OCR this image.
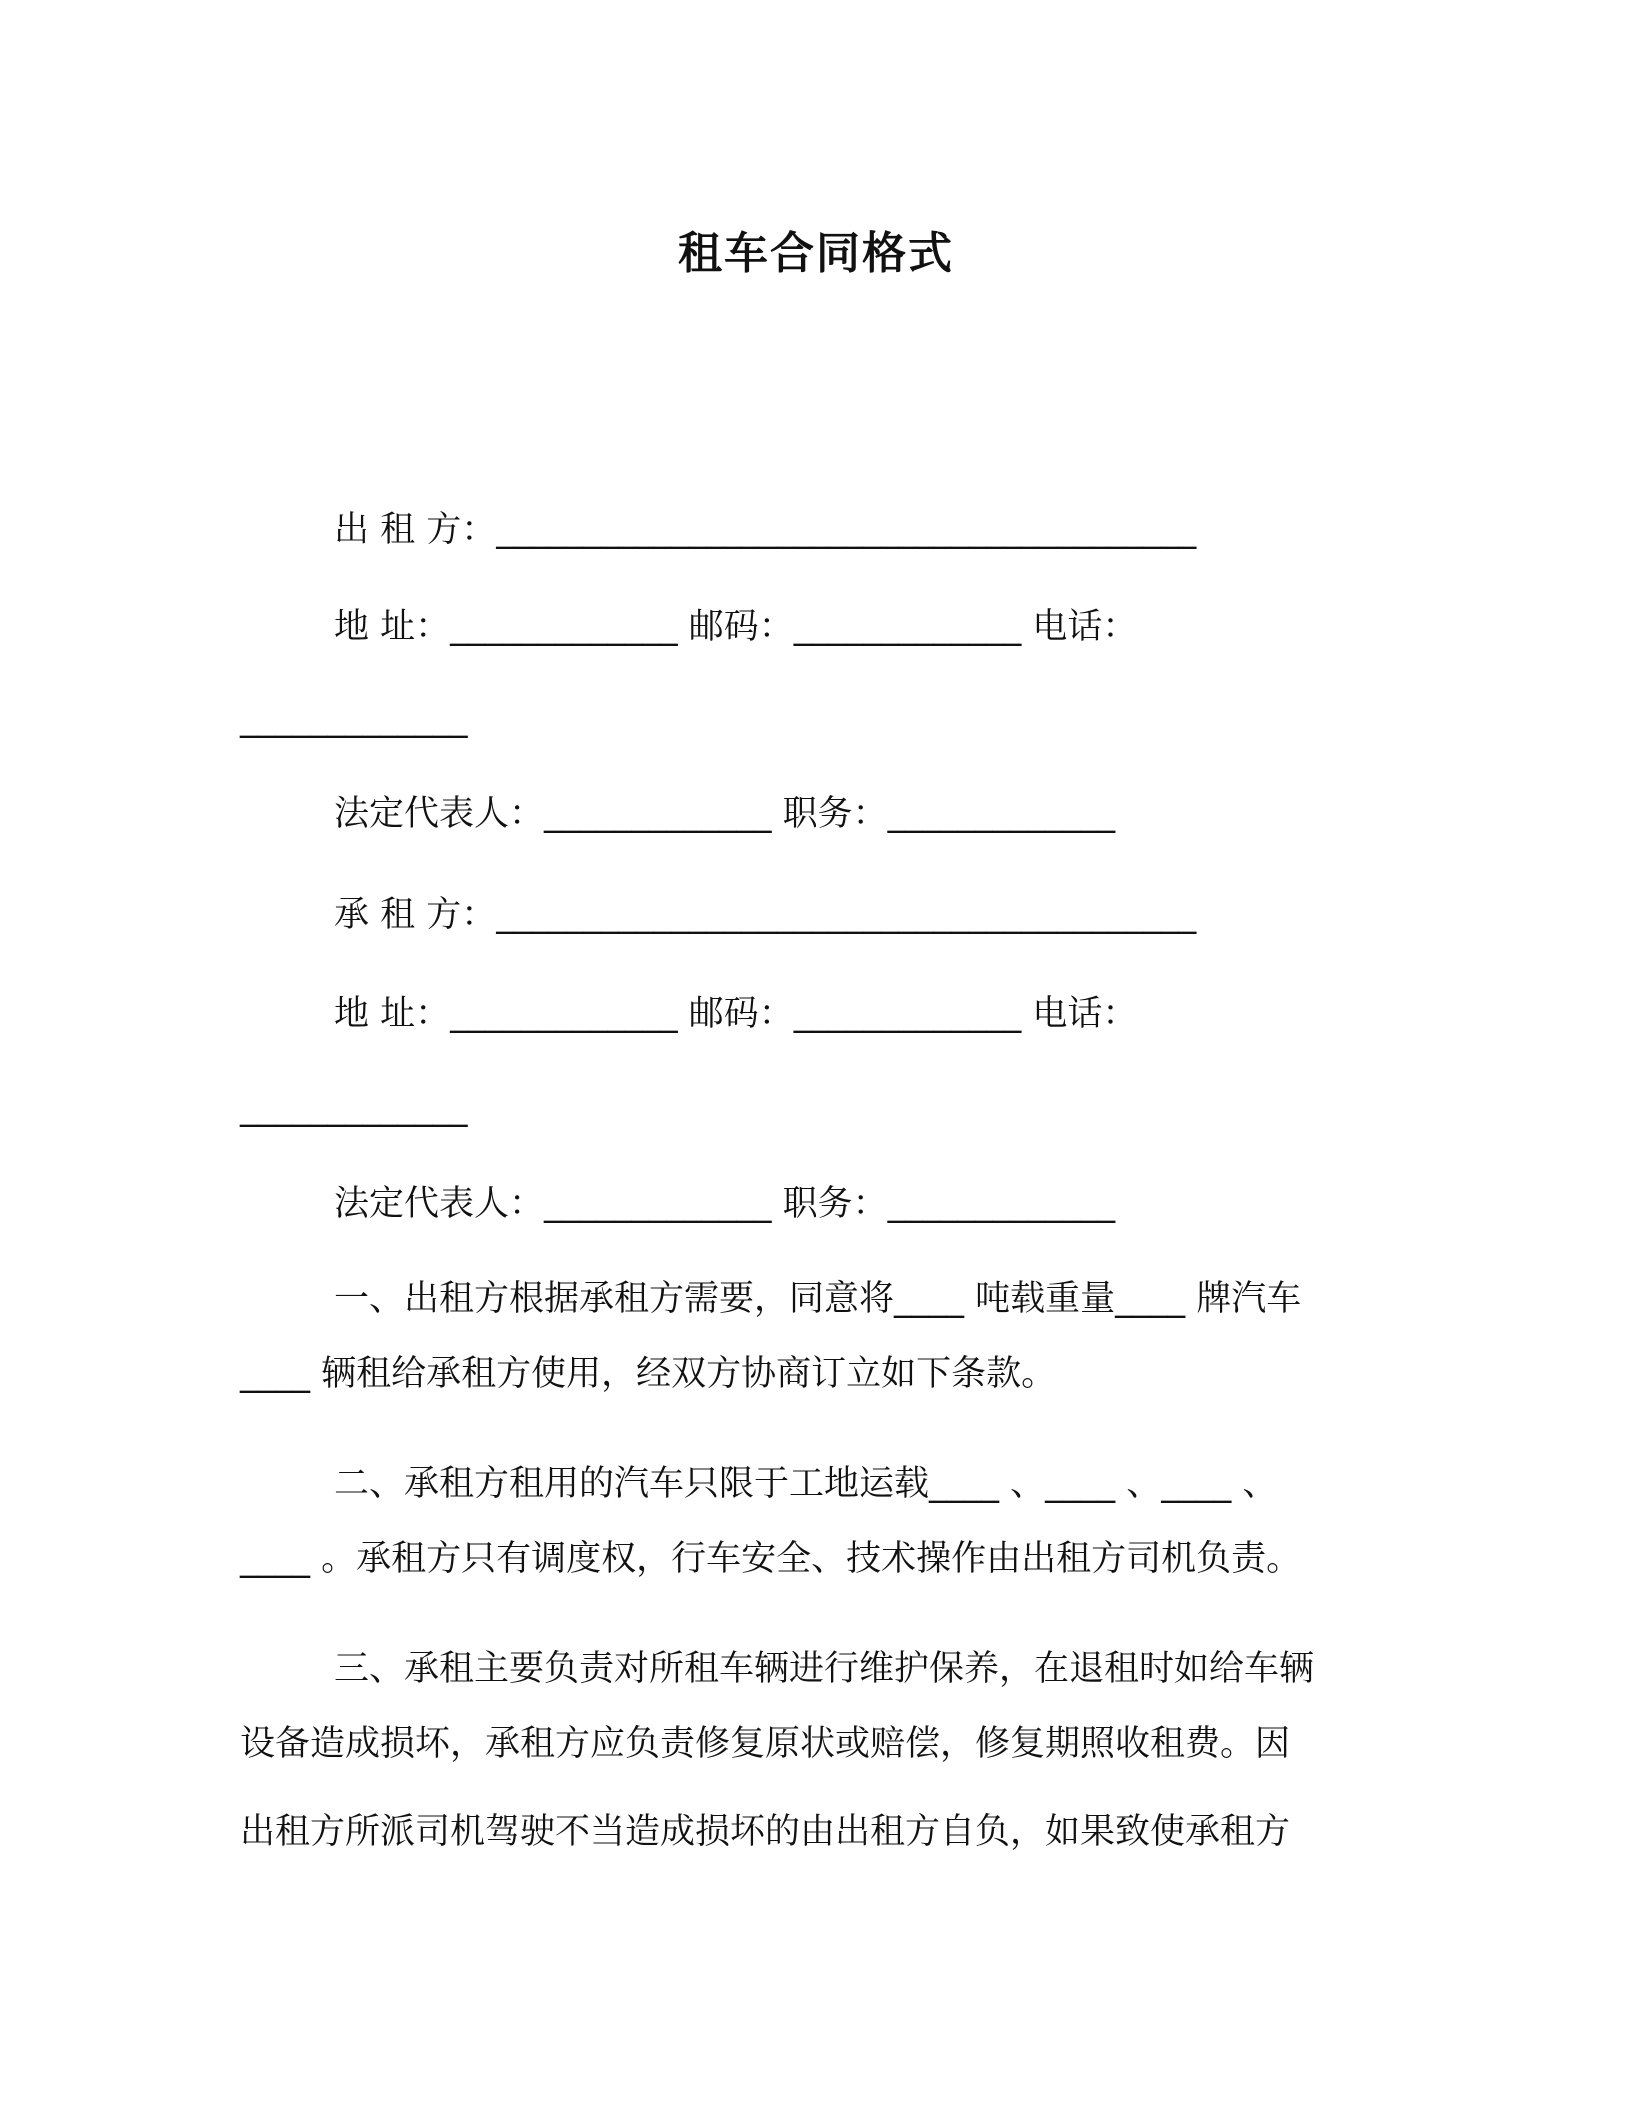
租车合同格式
出 租 方：________________________________________
地 址：_____________ 邮码：_____________ 电话：
_____________
法定代表人：_____________ 职务：_____________
承 租 方：________________________________________
地 址：_____________ 邮码：_____________ 电话：
_____________
法定代表人：_____________ 职务：_____________
一、出租方根据承租方需要，同意将____ 吨载重量____ 牌汽车
____ 辆租给承租方使用，经双方协商订立如下条款。
二、承租方租用的汽车只限于工地运载____ 、____ 、____ 、
____ 。承租方只有调度权，行车安全、技术操作由出租方司机负责。
三、承租主要负责对所租车辆进行维护保养，在退租时如给车辆
设备造成损坏，承租方应负责修复原状或赔偿，修复期照收租费。因
出租方所派司机驾驶不当造成损坏的由出租方自负，如果致使承租方
